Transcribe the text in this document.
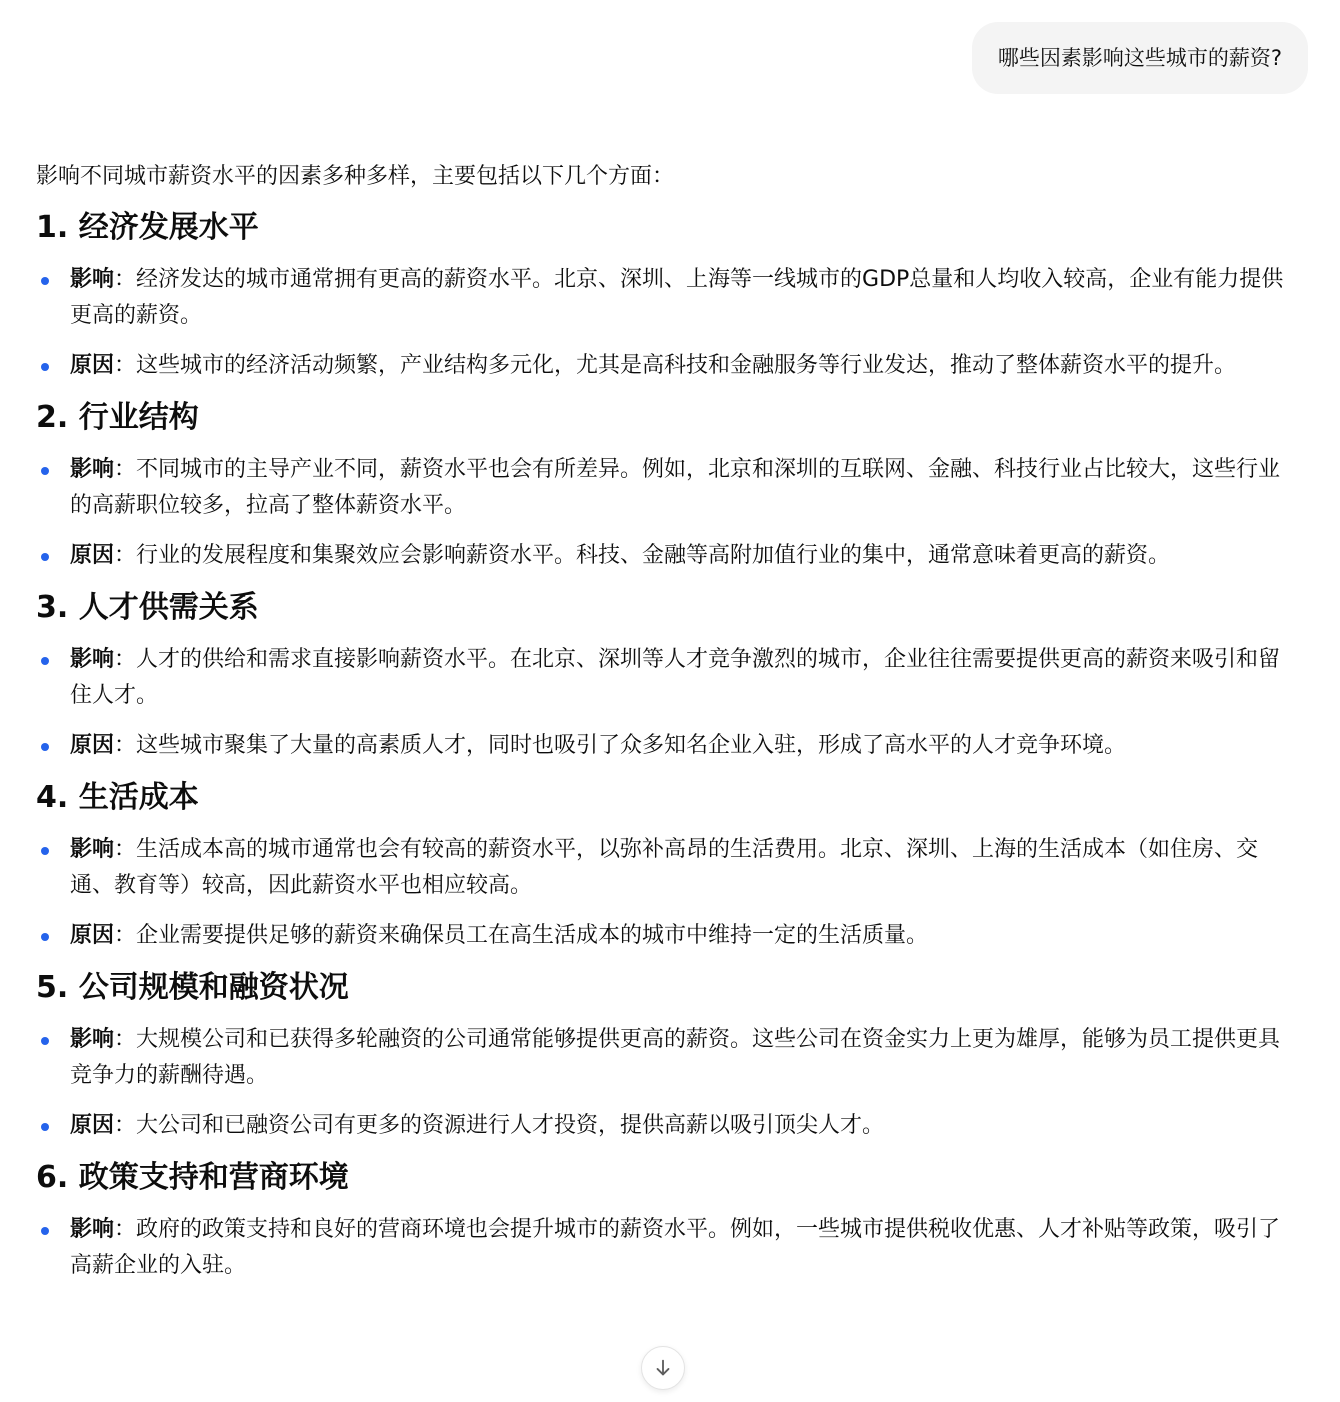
哪些因素影响这些城市的薪资?

影响不同城市薪资水平的因素多种多样，主要包括以下几个方面：

1. 经济发展水平
影响：经济发达的城市通常拥有更高的薪资水平。北京、深圳、上海等一线城市的GDP总量和人均收入较高，企业有能力提供更高的薪资。
原因：这些城市的经济活动频繁，产业结构多元化，尤其是高科技和金融服务等行业发达，推动了整体薪资水平的提升。
2. 行业结构
影响：不同城市的主导产业不同，薪资水平也会有所差异。例如，北京和深圳的互联网、金融、科技行业占比较大，这些行业的高薪职位较多，拉高了整体薪资水平。
原因：行业的发展程度和集聚效应会影响薪资水平。科技、金融等高附加值行业的集中，通常意味着更高的薪资。
3. 人才供需关系
影响：人才的供给和需求直接影响薪资水平。在北京、深圳等人才竞争激烈的城市，企业往往需要提供更高的薪资来吸引和留住人才。
原因：这些城市聚集了大量的高素质人才，同时也吸引了众多知名企业入驻，形成了高水平的人才竞争环境。
4. 生活成本
影响：生活成本高的城市通常也会有较高的薪资水平，以弥补高昂的生活费用。北京、深圳、上海的生活成本（如住房、交通、教育等）较高，因此薪资水平也相应较高。
原因：企业需要提供足够的薪资来确保员工在高生活成本的城市中维持一定的生活质量。
5. 公司规模和融资状况
影响：大规模公司和已获得多轮融资的公司通常能够提供更高的薪资。这些公司在资金实力上更为雄厚，能够为员工提供更具竞争力的薪酬待遇。
原因：大公司和已融资公司有更多的资源进行人才投资，提供高薪以吸引顶尖人才。
6. 政策支持和营商环境
影响：政府的政策支持和良好的营商环境也会提升城市的薪资水平。例如，一些城市提供税收优惠、人才补贴等政策，吸引了高薪企业的入驻。
